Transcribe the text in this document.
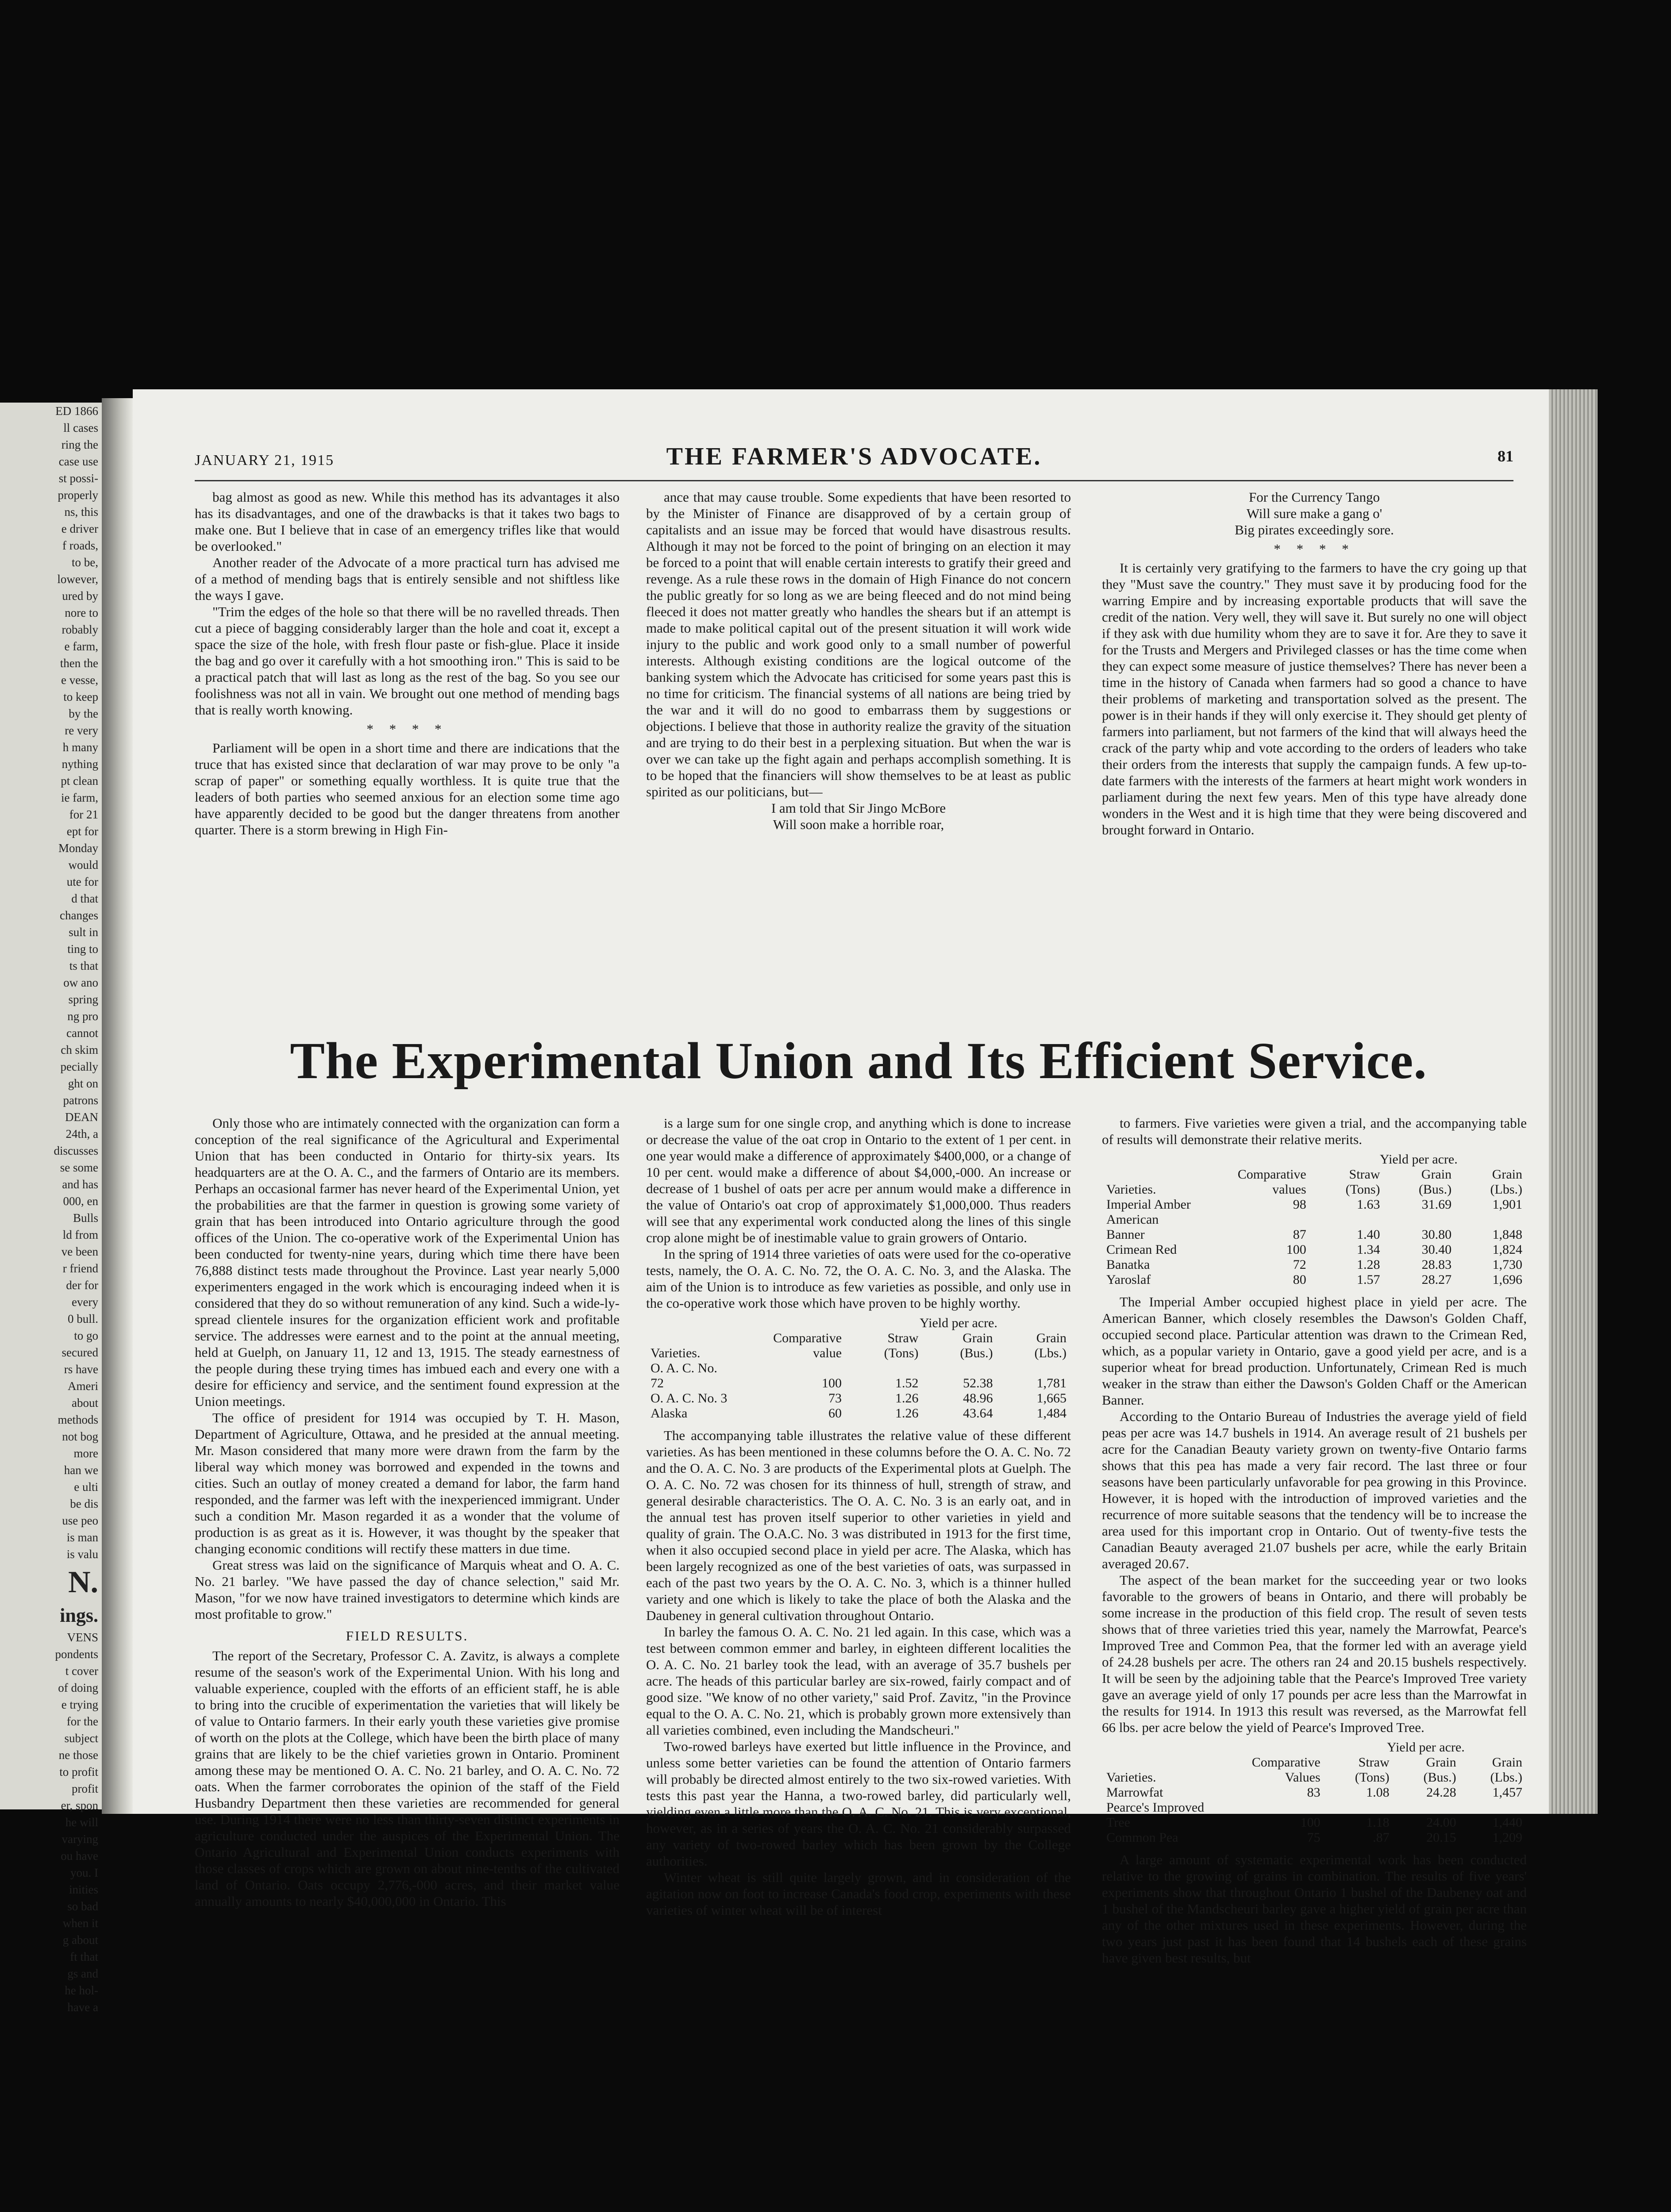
ED 1866
ll cases
ring the
case use
st possi-
properly
ns, this
e driver
f roads,
to be,
lowever,
ured by
nore to
robably
e farm,
then the
e vesse,
to keep
by the
re very
h many
nything
pt clean
ie farm,
for 21
ept for
Monday
would
ute for
d that
changes
sult in
ting to
ts that
ow ano
spring
ng pro
cannot
ch skim
pecially
ght on
patrons
DEAN
24th, a
discusses
se some
and has
000, en
Bulls
ld from
ve been
r friend
der for
every
0 bull.
to go
secured
rs have
Ameri
about
methods
not bog
more
han we
e ulti
be dis
use peo
is man
is valu
N.
ings.
VENS
pondents
t cover
of doing
e trying
for the
subject
ne those
to profit
profit
er, spon
he will
varying
ou have
you. I
inities
so bad
when it
g about
ft that
gs and
he hol-
have a
JANUARY 21, 1915	THE FARMER'S ADVOCATE.	81

bag almost as good as new. While this method has its advantages it also has its disadvantages, and one of the drawbacks is that it takes two bags to make one. But I believe that in case of an emergency trifles like that would be overlooked."

Another reader of the Advocate of a more practical turn has advised me of a method of mending bags that is entirely sensible and not shiftless like the ways I gave.

"Trim the edges of the hole so that there will be no ravelled threads. Then cut a piece of bagging considerably larger than the hole and coat it, except a space the size of the hole, with fresh flour paste or fish-glue. Place it inside the bag and go over it carefully with a hot smoothing iron." This is said to be a practical patch that will last as long as the rest of the bag. So you see our foolishness was not all in vain. We brought out one method of mending bags that is really worth knowing.

* * * *

Parliament will be open in a short time and there are indications that the truce that has existed since that declaration of war may prove to be only "a scrap of paper" or something equally worthless. It is quite true that the leaders of both parties who seemed anxious for an election some time ago have apparently decided to be good but the danger threatens from another quarter. There is a storm brewing in High Fin-

ance that may cause trouble. Some expedients that have been resorted to by the Minister of Finance are disapproved of by a certain group of capitalists and an issue may be forced that would have disastrous results. Although it may not be forced to the point of bringing on an election it may be forced to a point that will enable certain interests to gratify their greed and revenge. As a rule these rows in the domain of High Finance do not concern the public greatly for so long as we are being fleeced and do not mind being fleeced it does not matter greatly who handles the shears but if an attempt is made to make political capital out of the present situation it will work wide injury to the public and work good only to a small number of powerful interests. Although existing conditions are the logical outcome of the banking system which the Advocate has criticised for some years past this is no time for criticism. The financial systems of all nations are being tried by the war and it will do no good to embarrass them by suggestions or objections. I believe that those in authority realize the gravity of the situation and are trying to do their best in a perplexing situation. But when the war is over we can take up the fight again and perhaps accomplish something. It is to be hoped that the financiers will show themselves to be at least as public spirited as our politicians, but—

I am told that Sir Jingo McBore

Will soon make a horrible roar,

For the Currency Tango

Will sure make a gang o'

Big pirates exceedingly sore.

* * * *

It is certainly very gratifying to the farmers to have the cry going up that they "Must save the country." They must save it by producing food for the warring Empire and by increasing exportable products that will save the credit of the nation. Very well, they will save it. But surely no one will object if they ask with due humility whom they are to save it for. Are they to save it for the Trusts and Mergers and Privileged classes or has the time come when they can expect some measure of justice themselves? There has never been a time in the history of Canada when farmers had so good a chance to have their problems of marketing and transportation solved as the present. The power is in their hands if they will only exercise it. They should get plenty of farmers into parliament, but not farmers of the kind that will always heed the crack of the party whip and vote according to the orders of leaders who take their orders from the interests that supply the campaign funds. A few up-to-date farmers with the interests of the farmers at heart might work wonders in parliament during the next few years. Men of this type have already done wonders in the West and it is high time that they were being discovered and brought forward in Ontario.

The Experimental Union and Its Efficient Service.

Only those who are intimately connected with the organization can form a conception of the real significance of the Agricultural and Experimental Union that has been conducted in Ontario for thirty-six years. Its headquarters are at the O. A. C., and the farmers of Ontario are its members. Perhaps an occasional farmer has never heard of the Experimental Union, yet the probabilities are that the farmer in question is growing some variety of grain that has been introduced into Ontario agriculture through the good offices of the Union. The co-operative work of the Experimental Union has been conducted for twenty-nine years, during which time there have been 76,888 distinct tests made throughout the Province. Last year nearly 5,000 experimenters engaged in the work which is encouraging indeed when it is considered that they do so without remuneration of any kind. Such a wide-ly-spread clientele insures for the organization efficient work and profitable service. The addresses were earnest and to the point at the annual meeting, held at Guelph, on January 11, 12 and 13, 1915. The steady earnestness of the people during these trying times has imbued each and every one with a desire for efficiency and service, and the sentiment found expression at the Union meetings.

The office of president for 1914 was occupied by T. H. Mason, Department of Agriculture, Ottawa, and he presided at the annual meeting. Mr. Mason considered that many more were drawn from the farm by the liberal way which money was borrowed and expended in the towns and cities. Such an outlay of money created a demand for labor, the farm hand responded, and the farmer was left with the inexperienced immigrant. Under such a condition Mr. Mason regarded it as a wonder that the volume of production is as great as it is. However, it was thought by the speaker that changing economic conditions will rectify these matters in due time.

Great stress was laid on the significance of Marquis wheat and O. A. C. No. 21 barley. "We have passed the day of chance selection," said Mr. Mason, "for we now have trained investigators to determine which kinds are most profitable to grow."

FIELD RESULTS.

The report of the Secretary, Professor C. A. Zavitz, is always a complete resume of the season's work of the Experimental Union. With his long and valuable experience, coupled with the efforts of an efficient staff, he is able to bring into the crucible of experimentation the varieties that will likely be of value to Ontario farmers. In their early youth these varieties give promise of worth on the plots at the College, which have been the birth place of many grains that are likely to be the chief varieties grown in Ontario. Prominent among these may be mentioned O. A. C. No. 21 barley, and O. A. C. No. 72 oats. When the farmer corroborates the opinion of the staff of the Field Husbandry Department then these varieties are recommended for general use. During 1914 there were no less than thirty-seven distinct experiments in agriculture conducted under the auspices of the Experimental Union. The Ontario Agricultural and Experimental Union conducts experiments with those classes of crops which are grown on about nine-tenths of the cultivated land of Ontario. Oats occupy 2,776,-000 acres, and their market value annually amounts to nearly $40,000,000 in Ontario. This

is a large sum for one single crop, and anything which is done to increase or decrease the value of the oat crop in Ontario to the extent of 1 per cent. in one year would make a difference of approximately $400,000, or a change of 10 per cent. would make a difference of about $4,000,-000. An increase or decrease of 1 bushel of oats per acre per annum would make a difference in the value of Ontario's oat crop of approximately $1,000,000. Thus readers will see that any experimental work conducted along the lines of this single crop alone might be of inestimable value to grain growers of Ontario.

In the spring of 1914 three varieties of oats were used for the co-operative tests, namely, the O. A. C. No. 72, the O. A. C. No. 3, and the Alaska. The aim of the Union is to introduce as few varieties as possible, and only use in the co-operative work those which have proven to be highly worthy.

		Yield per acre.		
Varieties.	Comparative value	Straw (Tons)	Grain (Bus.)	Grain (Lbs.)
O. A. C. No. 72	100	1.52	52.38	1,781
O. A. C. No. 3	73	1.26	48.96	1,665
Alaska	60	1.26	43.64	1,484

The accompanying table illustrates the relative value of these different varieties. As has been mentioned in these columns before the O. A. C. No. 72 and the O. A. C. No. 3 are products of the Experimental plots at Guelph. The O. A. C. No. 72 was chosen for its thinness of hull, strength of straw, and general desirable characteristics. The O. A. C. No. 3 is an early oat, and in the annual test has proven itself superior to other varieties in yield and quality of grain. The O.A.C. No. 3 was distributed in 1913 for the first time, when it also occupied second place in yield per acre. The Alaska, which has been largely recognized as one of the best varieties of oats, was surpassed in each of the past two years by the O. A. C. No. 3, which is a thinner hulled variety and one which is likely to take the place of both the Alaska and the Daubeney in general cultivation throughout Ontario.

In barley the famous O. A. C. No. 21 led again. In this case, which was a test between common emmer and barley, in eighteen different localities the O. A. C. No. 21 barley took the lead, with an average of 35.7 bushels per acre. The heads of this particular barley are six-rowed, fairly compact and of good size. "We know of no other variety," said Prof. Zavitz, "in the Province equal to the O. A. C. No. 21, which is probably grown more extensively than all varieties combined, even including the Mandscheuri."

Two-rowed barleys have exerted but little influence in the Province, and unless some better varieties can be found the attention of Ontario farmers will probably be directed almost entirely to the two six-rowed varieties. With tests this past year the Hanna, a two-rowed barley, did particularly well, yielding even a little more than the O. A. C. No. 21. This is very exceptional, however, as in a series of years the O. A. C. No. 21 considerably surpassed any variety of two-rowed barley which has been grown by the College authorities.

Winter wheat is still quite largely grown, and in consideration of the agitation now on foot to increase Canada's food crop, experiments with these varieties of winter wheat will be of interest

to farmers. Five varieties were given a trial, and the accompanying table of results will demonstrate their relative merits.

		Yield per acre.		
Varieties.	Comparative values	Straw (Tons)	Grain (Bus.)	Grain (Lbs.)
Imperial Amber	98	1.63	31.69	1,901
American Banner	87	1.40	30.80	1,848
Crimean Red	100	1.34	30.40	1,824
Banatka	72	1.28	28.83	1,730
Yaroslaf	80	1.57	28.27	1,696

The Imperial Amber occupied highest place in yield per acre. The American Banner, which closely resembles the Dawson's Golden Chaff, occupied second place. Particular attention was drawn to the Crimean Red, which, as a popular variety in Ontario, gave a good yield per acre, and is a superior wheat for bread production. Unfortunately, Crimean Red is much weaker in the straw than either the Dawson's Golden Chaff or the American Banner.

According to the Ontario Bureau of Industries the average yield of field peas per acre was 14.7 bushels in 1914. An average result of 21 bushels per acre for the Canadian Beauty variety grown on twenty-five Ontario farms shows that this pea has made a very fair record. The last three or four seasons have been particularly unfavorable for pea growing in this Province. However, it is hoped with the introduction of improved varieties and the recurrence of more suitable seasons that the tendency will be to increase the area used for this important crop in Ontario. Out of twenty-five tests the Canadian Beauty averaged 21.07 bushels per acre, while the early Britain averaged 20.67.

The aspect of the bean market for the succeeding year or two looks favorable to the growers of beans in Ontario, and there will probably be some increase in the production of this field crop. The result of seven tests shows that of three varieties tried this year, namely the Marrowfat, Pearce's Improved Tree and Common Pea, that the former led with an average yield of 24.28 bushels per acre. The others ran 24 and 20.15 bushels respectively. It will be seen by the adjoining table that the Pearce's Improved Tree variety gave an average yield of only 17 pounds per acre less than the Marrowfat in the results for 1914. In 1913 this result was reversed, as the Marrowfat fell 66 lbs. per acre below the yield of Pearce's Improved Tree.

		Yield per acre.		
Varieties.	Comparative Values	Straw (Tons)	Grain (Bus.)	Grain (Lbs.)
Marrowfat	83	1.08	24.28	1,457
Pearce's Improved Tree	100	1.18	24.00	1,440
Common Pea	75	.87	20.15	1,209

A large amount of systematic experimental work has been conducted relative to the growing of grains in combination. The results of five years' experiments show that throughout Ontario 1 bushel of the Daubeney oat and 1 bushel of the Mandscheuri barley gave a higher yield of grain per acre than any of the other mixtures used in these experiments. However, during the two years just past it has been found that 14 bushels each of these grains have given best results, but
